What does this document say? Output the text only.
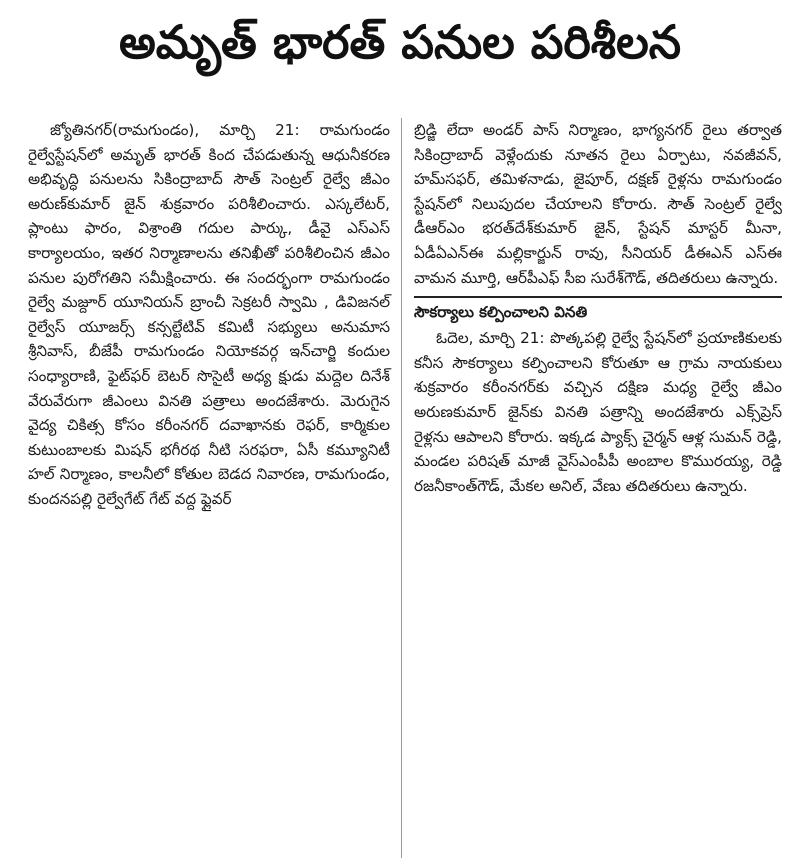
అమృత్ భారత్ పనుల పరిశీలన

జ్యోతినగర్(రామగుండం), మార్చి 21: రామగుండం రైల్వేస్టేషన్‌లో అమృత్ భారత్ కింద చేపడుతున్న ఆధునీకరణ అభివృద్ధి పనులను సికింద్రాబాద్ సౌత్ సెంట్రల్ రైల్వే జీఎం అరుణ్‌కుమార్ జైన్ శుక్రవారం పరిశీలించారు. ఎస్కలేటర్, ప్లాంటు ఫారం, విశ్రాంతి గదుల పార్కు, డీవై ఎస్ఎస్ కార్యాలయం, ఇతర నిర్మాణాలను తనిఖీతో పరిశీలించిన జీఎం పనుల పురోగతిని సమీక్షించారు. ఈ సందర్భంగా రామగుండం రైల్వే మజ్దూర్ యూనియన్ బ్రాంచీ సెక్రటరీ స్వామి , డివిజనల్ రైల్వేస్ యూజర్స్ కన్సల్టేటివ్ కమిటీ సభ్యులు అనుమాస శ్రీనివాస్, బీజేపీ రామగుండం నియోకవర్గ ఇన్‌చార్జి కందుల సంధ్యారాణి, ఫైట్‌ఫర్ బెటర్ సొసైటీ అధ్య క్షుడు మద్దెల దినేశ్ వేరువేరుగా జీఎంలు వినతి పత్రాలు అందజేశారు. మెరుగైన వైద్య చికిత్స కోసం కరీంనగర్ దవాఖానకు రెఫర్, కార్మికుల కుటుంబాలకు మిషన్ భగీరథ నీటి సరఫరా, ఏసీ కమ్యూనిటీ హల్ నిర్మాణం, కాలనీలో కోతుల బెడద నివారణ, రామగుండం, కుందనపల్లి రైల్వేగేట్ గేట్ వద్ద ఫ్లైవర్

బ్రిడ్జి లేదా అండర్ పాస్ నిర్మాణం, భాగ్యనగర్ రైలు తర్వాత సికింద్రాబాద్ వెళ్లేందుకు నూతన రైలు ఏర్పాటు, నవజీవన్, హమ్‌సఫర్, తమిళనాడు, జైపూర్, దక్షణ్ రైళ్లను రామగుండం స్టేషన్‌లో నిలుపుదల చేయాలని కోరారు. సౌత్ సెంట్రల్ రైల్వే డీఆర్ఎం భరత్‌దేశ్‌కుమార్ జైన్, స్టేషన్ మాస్టర్ మీనా, ఏడీఏఎన్ఈ మల్లికార్జున్ రావు, సీనియర్ డీఈఎన్ ఎస్ఈ వామన మూర్తి, ఆర్‌పీఎఫ్ సీఐ సురేశ్‌గౌడ్, తదితరులు ఉన్నారు.

సౌకర్యాలు కల్పించాలని వినతి

ఓదెల, మార్చి 21: పొత్కపల్లి రైల్వే స్టేషన్‌లో ప్రయాణికులకు కనీస సౌకర్యాలు కల్పించాలని కోరుతూ ఆ గ్రామ నాయకులు శుక్రవారం కరీంనగర్‌కు వచ్చిన దక్షిణ మధ్య రైల్వే జీఎం అరుణకుమార్ జైన్‌కు వినతి పత్రాన్ని అందజేశారు ఎక్స్‌ప్రెస్ రైళ్లను ఆపాలని కోరారు. ఇక్కడ ప్యాక్స్ చైర్మన్ ఆళ్ల సుమన్ రెడ్డి, మండల పరిషత్ మాజీ వైస్‌ఎంపీపీ అంబాల కొమురయ్య, రెడ్డి రజనీకాంత్‌గౌడ్, మేకల అనిల్, వేణు తదితరులు ఉన్నారు.
